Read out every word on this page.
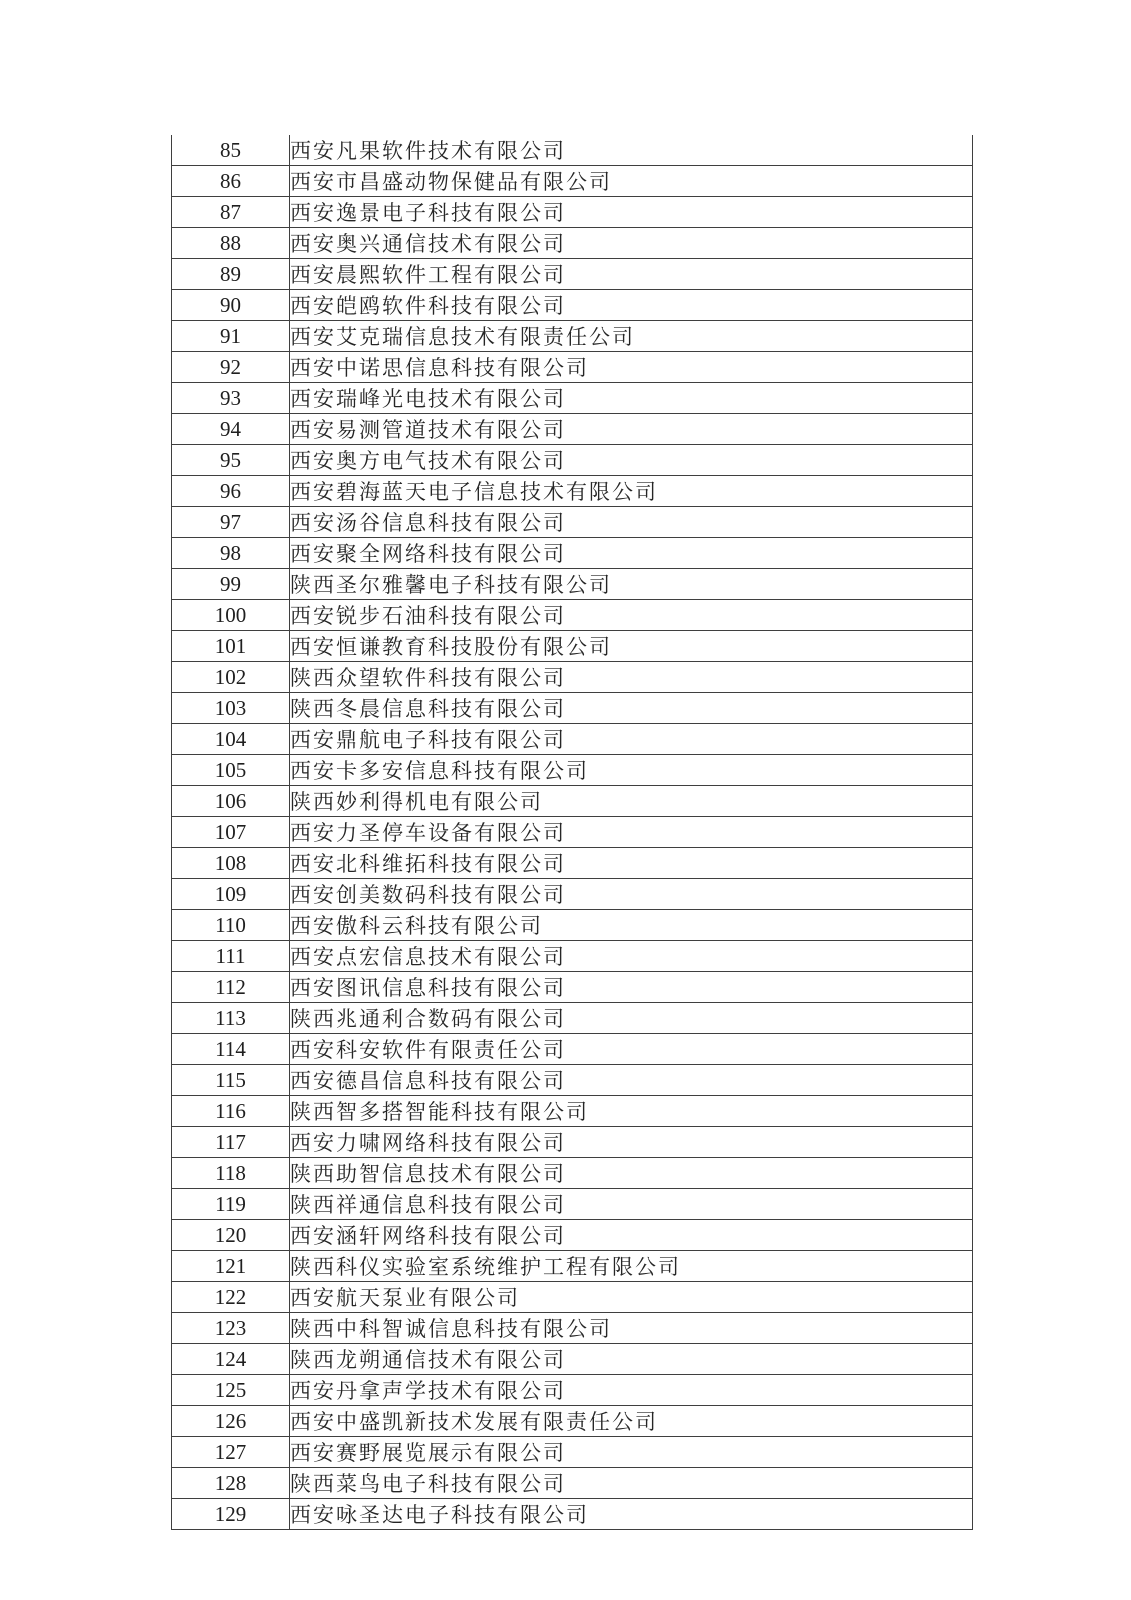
85	西安凡果软件技术有限公司
86	西安市昌盛动物保健品有限公司
87	西安逸景电子科技有限公司
88	西安奥兴通信技术有限公司
89	西安晨熙软件工程有限公司
90	西安皑鸥软件科技有限公司
91	西安艾克瑞信息技术有限责任公司
92	西安中诺思信息科技有限公司
93	西安瑞峰光电技术有限公司
94	西安易测管道技术有限公司
95	西安奥方电气技术有限公司
96	西安碧海蓝天电子信息技术有限公司
97	西安汤谷信息科技有限公司
98	西安聚全网络科技有限公司
99	陕西圣尔雅馨电子科技有限公司
100	西安锐步石油科技有限公司
101	西安恒谦教育科技股份有限公司
102	陕西众望软件科技有限公司
103	陕西冬晨信息科技有限公司
104	西安鼎航电子科技有限公司
105	西安卡多安信息科技有限公司
106	陕西妙利得机电有限公司
107	西安力圣停车设备有限公司
108	西安北科维拓科技有限公司
109	西安创美数码科技有限公司
110	西安傲科云科技有限公司
111	西安点宏信息技术有限公司
112	西安图讯信息科技有限公司
113	陕西兆通利合数码有限公司
114	西安科安软件有限责任公司
115	西安德昌信息科技有限公司
116	陕西智多搭智能科技有限公司
117	西安力啸网络科技有限公司
118	陕西助智信息技术有限公司
119	陕西祥通信息科技有限公司
120	西安涵轩网络科技有限公司
121	陕西科仪实验室系统维护工程有限公司
122	西安航天泵业有限公司
123	陕西中科智诚信息科技有限公司
124	陕西龙朔通信技术有限公司
125	西安丹拿声学技术有限公司
126	西安中盛凯新技术发展有限责任公司
127	西安赛野展览展示有限公司
128	陕西菜鸟电子科技有限公司
129	西安咏圣达电子科技有限公司
